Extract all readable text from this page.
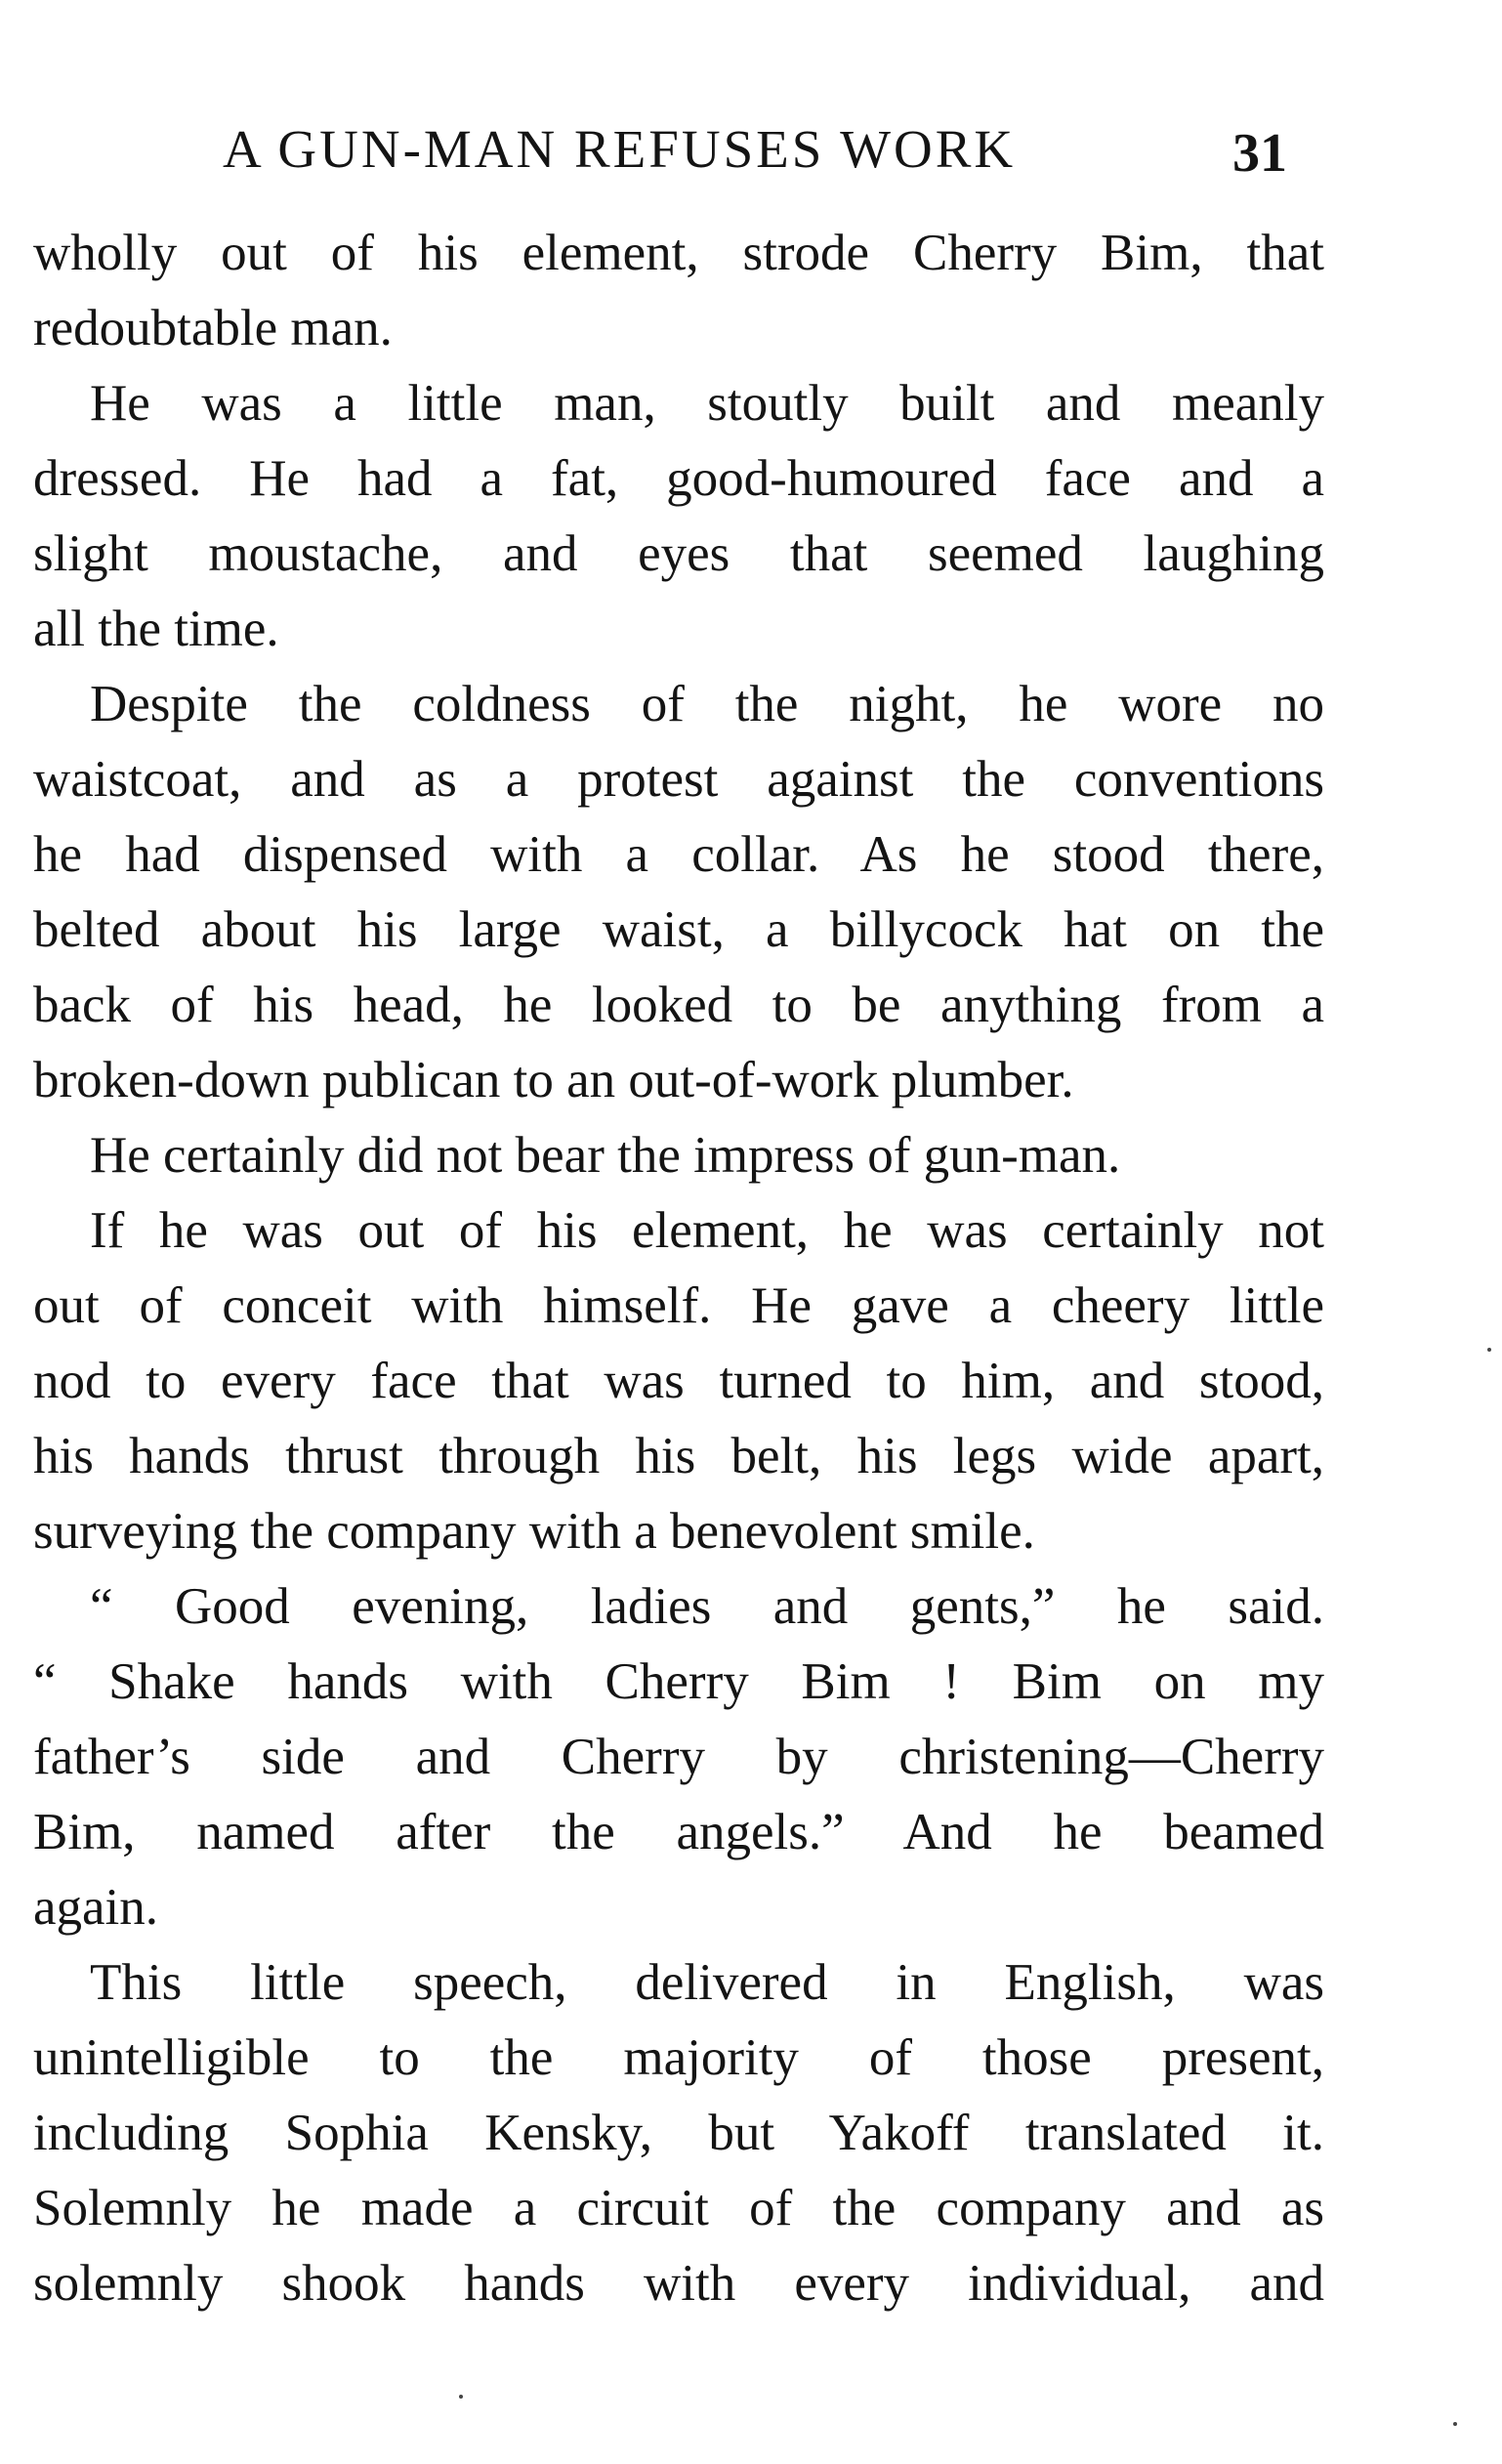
A GUN-MAN REFUSES WORK	31
wholly out of his element, strode Cherry Bim, that
redoubtable man.
He was a little man, stoutly built and meanly
dressed. He had a fat, good-humoured face and a
slight moustache, and eyes that seemed laughing
all the time.
Despite the coldness of the night, he wore no
waistcoat, and as a protest against the conventions
he had dispensed with a collar. As he stood there,
belted about his large waist, a billycock hat on the
back of his head, he looked to be anything from a
broken-down publican to an out-of-work plumber.
He certainly did not bear the impress of gun-man.
If he was out of his element, he was certainly not
out of conceit with himself. He gave a cheery little
nod to every face that was turned to him, and stood,
his hands thrust through his belt, his legs wide apart,
surveying the company with a benevolent smile.
“ Good evening, ladies and gents,” he said.
“ Shake hands with Cherry Bim ! Bim on my
father’s side and Cherry by christening—Cherry
Bim, named after the angels.” And he beamed
again.
This little speech, delivered in English, was
unintelligible to the majority of those present,
including Sophia Kensky, but Yakoff translated it.
Solemnly he made a circuit of the company and as
solemnly shook hands with every individual, and
